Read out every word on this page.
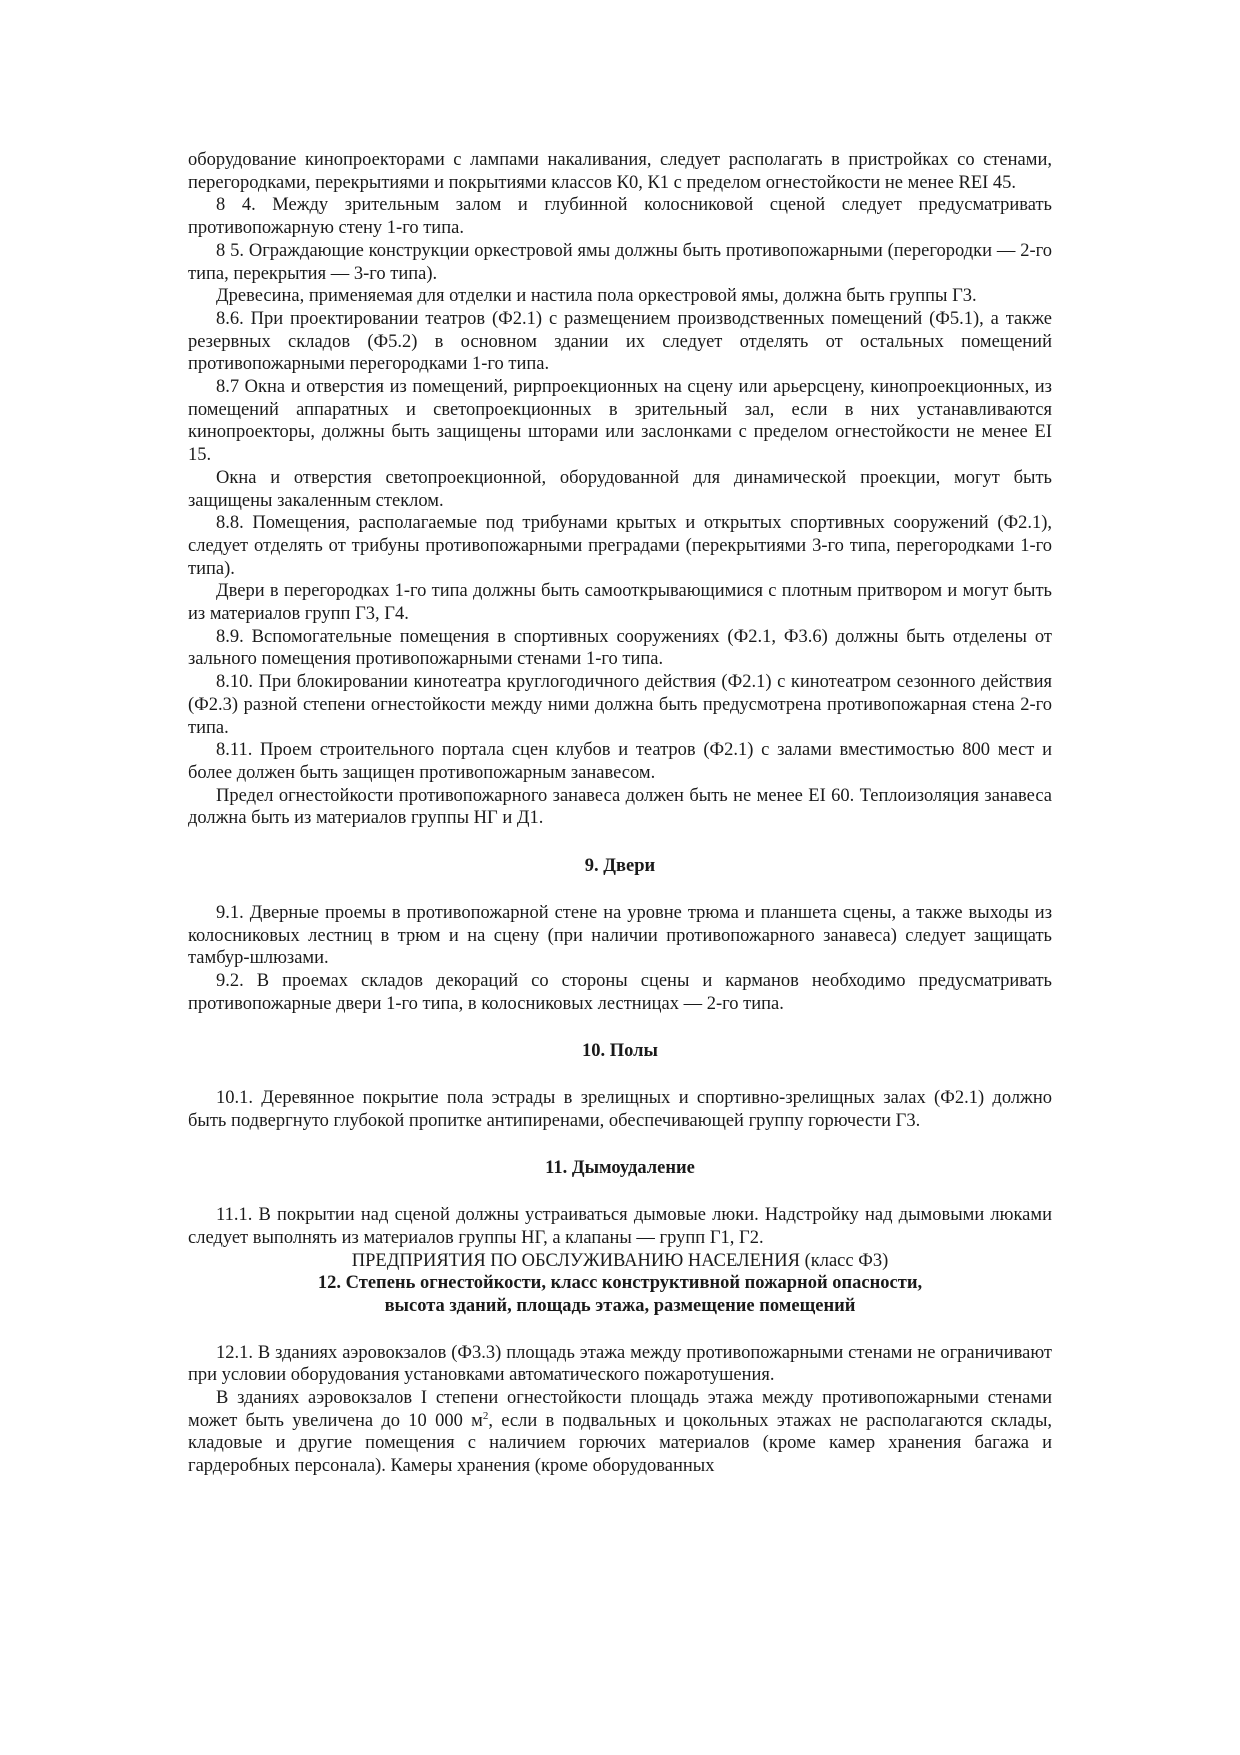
оборудование кинопроекторами с лампами накаливания, следует располагать в пристройках со стенами, перегородками, перекрытиями и покрытиями классов К0, К1 с пределом огнестойкости не менее REI 45.

8 4. Между зрительным залом и глубинной колосниковой сценой следует предусматривать противопожарную стену 1-го типа.

8 5. Ограждающие конструкции оркестровой ямы должны быть противопожарными (перегородки — 2-го типа, перекрытия — 3-го типа).

Древесина, применяемая для отделки и настила пола оркестровой ямы, должна быть группы Г3.

8.6. При проектировании театров (Ф2.1) с размещением производственных помещений (Ф5.1), а также резервных складов (Ф5.2) в основном здании их следует отделять от остальных помещений противопожарными перегородками 1-го типа.

8.7 Окна и отверстия из помещений, рирпроекционных на сцену или арьерсцену, кинопроекционных, из помещений аппаратных и светопроекционных в зрительный зал, если в них устанавливаются кинопроекторы, должны быть защищены шторами или заслонками с пределом огнестойкости не менее EI 15.

Окна и отверстия светопроекционной, оборудованной для динамической проекции, могут быть защищены закаленным стеклом.

8.8. Помещения, располагаемые под трибунами крытых и открытых спортивных сооружений (Ф2.1), следует отделять от трибуны противопожарными преградами (перекрытиями 3-го типа, перегородками 1-го типа).

Двери в перегородках 1-го типа должны быть самооткрывающимися с плотным притвором и могут быть из материалов групп Г3, Г4.

8.9. Вспомогательные помещения в спортивных сооружениях (Ф2.1, Ф3.6) должны быть отделены от зального помещения противопожарными стенами 1-го типа.

8.10. При блокировании кинотеатра круглогодичного действия (Ф2.1) с кинотеатром сезонного действия (Ф2.3) разной степени огнестойкости между ними должна быть предусмотрена противопожарная стена 2-го типа.

8.11. Проем строительного портала сцен клубов и театров (Ф2.1) с залами вместимостью 800 мест и более должен быть защищен противопожарным занавесом.

Предел огнестойкости противопожарного занавеса должен быть не менее EI 60. Теплоизоляция занавеса должна быть из материалов группы НГ и Д1.

9. Двери

9.1. Дверные проемы в противопожарной стене на уровне трюма и планшета сцены, а также выходы из колосниковых лестниц в трюм и на сцену (при наличии противопожарного занавеса) следует защищать тамбур-шлюзами.

9.2. В проемах складов декораций со стороны сцены и карманов необходимо предусматривать противопожарные двери 1-го типа, в колосниковых лестницах — 2-го типа.

10. Полы

10.1. Деревянное покрытие пола эстрады в зрелищных и спортивно-зрелищных залах (Ф2.1) должно быть подвергнуто глубокой пропитке антипиренами, обеспечивающей группу горючести Г3.

11. Дымоудаление

11.1. В покрытии над сценой должны устраиваться дымовые люки. Надстройку над дымовыми люками следует выполнять из материалов группы НГ, а клапаны — групп Г1, Г2.

ПРЕДПРИЯТИЯ ПО ОБСЛУЖИВАНИЮ НАСЕЛЕНИЯ (класс Ф3)

12. Степень огнестойкости, класс конструктивной пожарной опасности,
высота зданий, площадь этажа, размещение помещений

12.1. В зданиях аэровокзалов (Ф3.3) площадь этажа между противопожарными стенами не ограничивают при условии оборудования установками автоматического пожаротушения.

В зданиях аэровокзалов I степени огнестойкости площадь этажа между противопожарными стенами может быть увеличена до 10 000 $м^2$, если в подвальных и цокольных этажах не располагаются склады, кладовые и другие помещения с наличием горючих материалов (кроме камер хранения багажа и гардеробных персонала). Камеры хранения (кроме оборудованных
